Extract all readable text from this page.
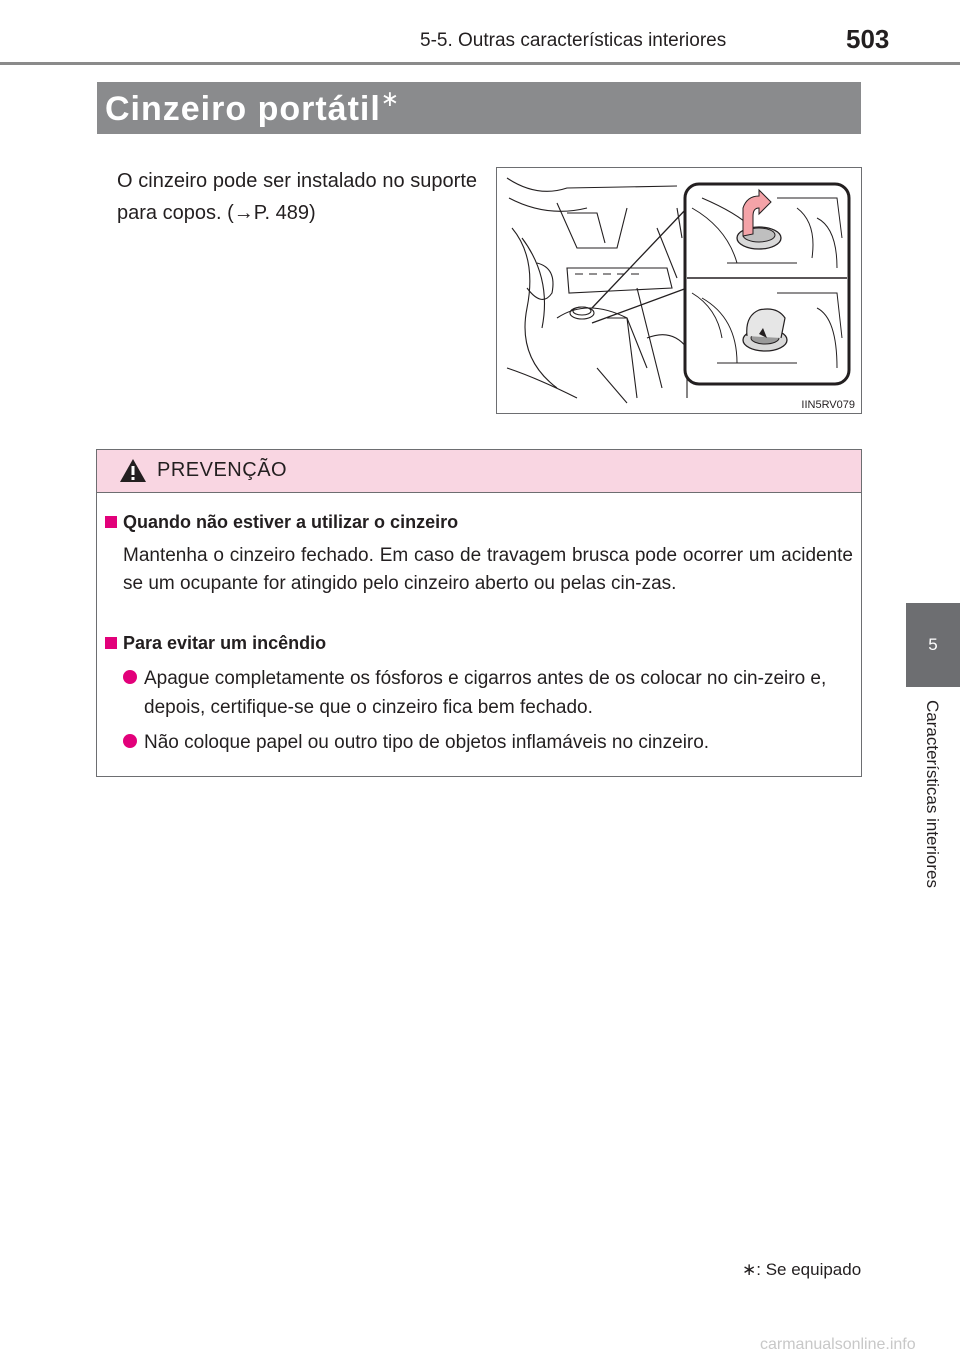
5-5. Outras características interiores	503
5
Características interiores
Cinzeiro portátil∗
O cinzeiro pode ser instalado no suporte para copos. (→P. 489)
IIN5RV079
PREVENÇÃO
Quando não estiver a utilizar o cinzeiro
Mantenha o cinzeiro fechado. Em caso de travagem brusca pode ocorrer um acidente se um ocupante for atingido pelo cinzeiro aberto ou pelas cin-zas.
Para evitar um incêndio
Apague completamente os fósforos e cigarros antes de os colocar no cin-zeiro e, depois, certifique-se que o cinzeiro fica bem fechado.
Não coloque papel ou outro tipo de objetos inflamáveis no cinzeiro.
∗: Se equipado
carmanualsonline.info
